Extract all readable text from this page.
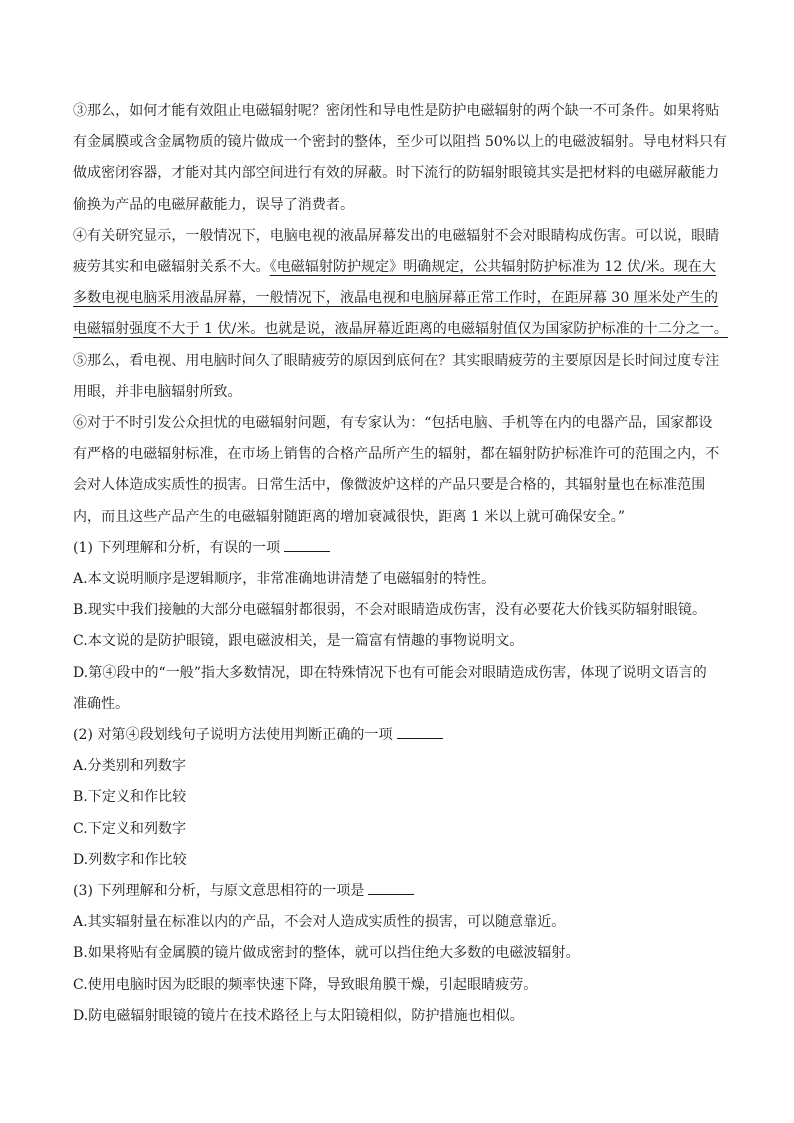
③那么，如何才能有效阻止电磁辐射呢？密闭性和导电性是防护电磁辐射的两个缺一不可条件。如果将贴
有金属膜或含金属物质的镜片做成一个密封的整体，至少可以阻挡 50%以上的电磁波辐射。导电材料只有
做成密闭容器，才能对其内部空间进行有效的屏蔽。时下流行的防辐射眼镜其实是把材料的电磁屏蔽能力
偷换为产品的电磁屏蔽能力，误导了消费者。
④有关研究显示，一般情况下，电脑电视的液晶屏幕发出的电磁辐射不会对眼睛构成伤害。可以说，眼睛
疲劳其实和电磁辐射关系不大。《电磁辐射防护规定》明确规定，公共辐射防护标准为 12 伏/米。现在大
多数电视电脑采用液晶屏幕，一般情况下，液晶电视和电脑屏幕正常工作时，在距屏幕 30 厘米处产生的
电磁辐射强度不大于 1 伏/米。也就是说，液晶屏幕近距离的电磁辐射值仅为国家防护标准的十二分之一。
⑤那么，看电视、用电脑时间久了眼睛疲劳的原因到底何在？其实眼睛疲劳的主要原因是长时间过度专注
用眼，并非电脑辐射所致。
⑥对于不时引发公众担忧的电磁辐射问题，有专家认为：“包括电脑、手机等在内的电器产品，国家都设
有严格的电磁辐射标准，在市场上销售的合格产品所产生的辐射，都在辐射防护标准许可的范围之内，不
会对人体造成实质性的损害。日常生活中，像微波炉这样的产品只要是合格的，其辐射量也在标准范围
内，而且这些产品产生的电磁辐射随距离的增加衰减很快，距离 1 米以上就可确保安全。”

(1) 下列理解和分析，有误的一项

A.本文说明顺序是逻辑顺序，非常准确地讲清楚了电磁辐射的特性。

B.现实中我们接触的大部分电磁辐射都很弱，不会对眼睛造成伤害，没有必要花大价钱买防辐射眼镜。

C.本文说的是防护眼镜，跟电磁波相关，是一篇富有情趣的事物说明文。

D.第④段中的“一般”指大多数情况，即在特殊情况下也有可能会对眼睛造成伤害，体现了说明文语言的

准确性。

(2) 对第④段划线句子说明方法使用判断正确的一项

A.分类别和列数字

B.下定义和作比较

C.下定义和列数字

D.列数字和作比较

(3) 下列理解和分析，与原文意思相符的一项是

A.其实辐射量在标准以内的产品，不会对人造成实质性的损害，可以随意靠近。

B.如果将贴有金属膜的镜片做成密封的整体，就可以挡住绝大多数的电磁波辐射。

C.使用电脑时因为眨眼的频率快速下降，导致眼角膜干燥，引起眼睛疲劳。

D.防电磁辐射眼镜的镜片在技术路径上与太阳镜相似，防护措施也相似。
